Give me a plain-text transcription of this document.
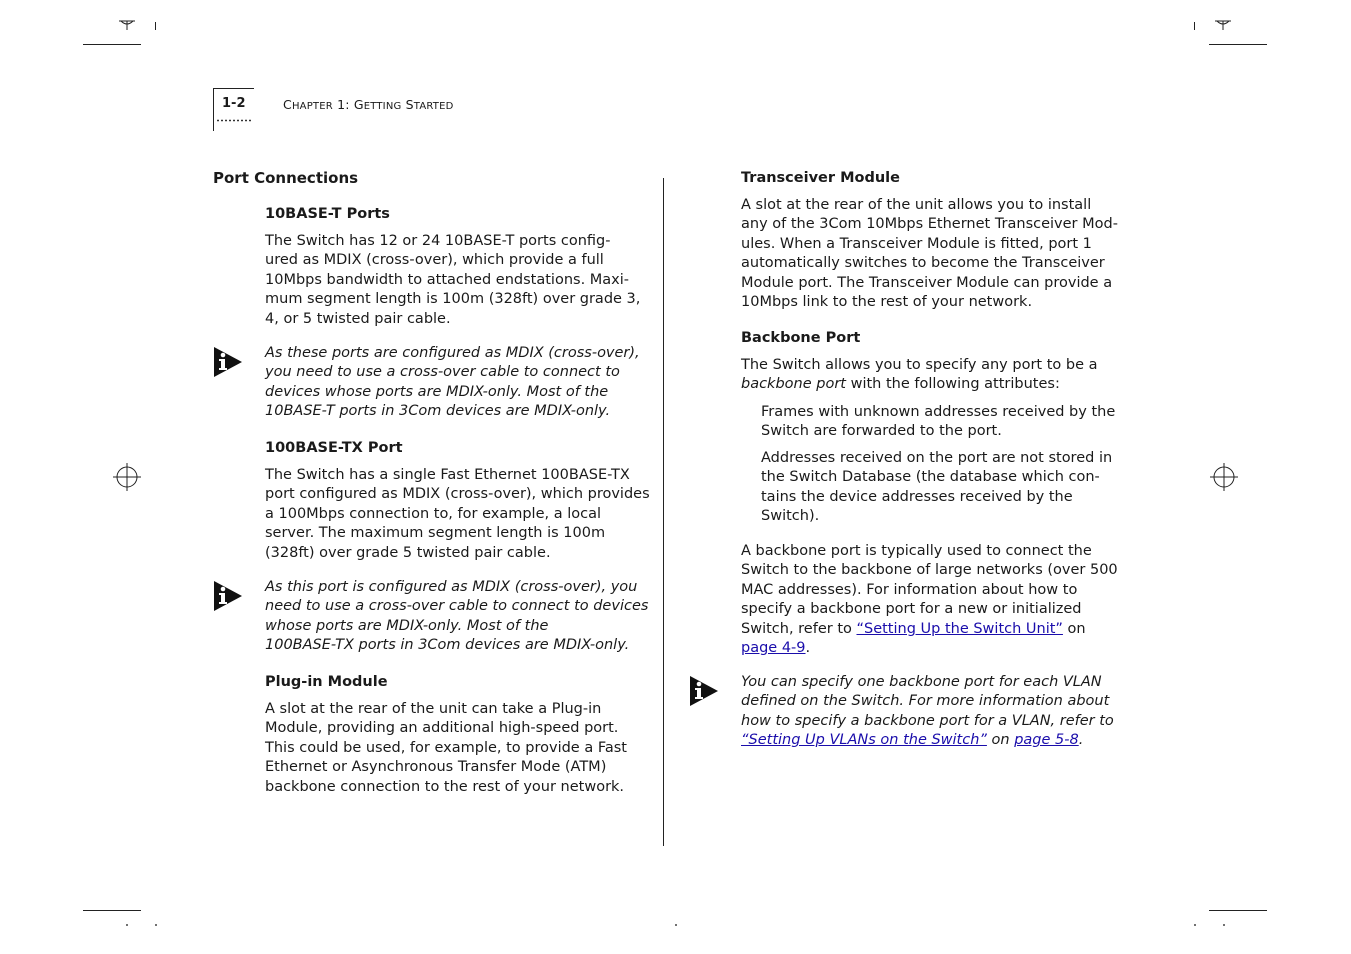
1-2	CHAPTER 1: GETTING STARTED
Port Connections
10BASE-T Ports
The Switch has 12 or 24 10BASE-T ports config-
ured as MDIX (cross-over), which provide a full
10Mbps bandwidth to attached endstations. Maxi-
mum segment length is 100m (328ft) over grade 3,
4, or 5 twisted pair cable.
As these ports are configured as MDIX (cross-over),
you need to use a cross-over cable to connect to
devices whose ports are MDIX-only. Most of the
10BASE-T ports in 3Com devices are MDIX-only.
100BASE-TX Port
The Switch has a single Fast Ethernet 100BASE-TX
port configured as MDIX (cross-over), which provides
a 100Mbps connection to, for example, a local
server. The maximum segment length is 100m
(328ft) over grade 5 twisted pair cable.
As this port is configured as MDIX (cross-over), you
need to use a cross-over cable to connect to devices
whose ports are MDIX-only. Most of the
100BASE-TX ports in 3Com devices are MDIX-only.
Plug-in Module
A slot at the rear of the unit can take a Plug-in
Module, providing an additional high-speed port.
This could be used, for example, to provide a Fast
Ethernet or Asynchronous Transfer Mode (ATM)
backbone connection to the rest of your network.
Transceiver Module
A slot at the rear of the unit allows you to install
any of the 3Com 10Mbps Ethernet Transceiver Mod-
ules. When a Transceiver Module is fitted, port 1
automatically switches to become the Transceiver
Module port. The Transceiver Module can provide a
10Mbps link to the rest of your network.
Backbone Port
The Switch allows you to specify any port to be a
backbone port with the following attributes:
Frames with unknown addresses received by the
Switch are forwarded to the port.
Addresses received on the port are not stored in
the Switch Database (the database which con-
tains the device addresses received by the
Switch).
A backbone port is typically used to connect the
Switch to the backbone of large networks (over 500
MAC addresses). For information about how to
specify a backbone port for a new or initialized
Switch, refer to “Setting Up the Switch Unit” on
page 4-9.
You can specify one backbone port for each VLAN
defined on the Switch. For more information about
how to specify a backbone port for a VLAN, refer to
“Setting Up VLANs on the Switch” on page 5-8.
